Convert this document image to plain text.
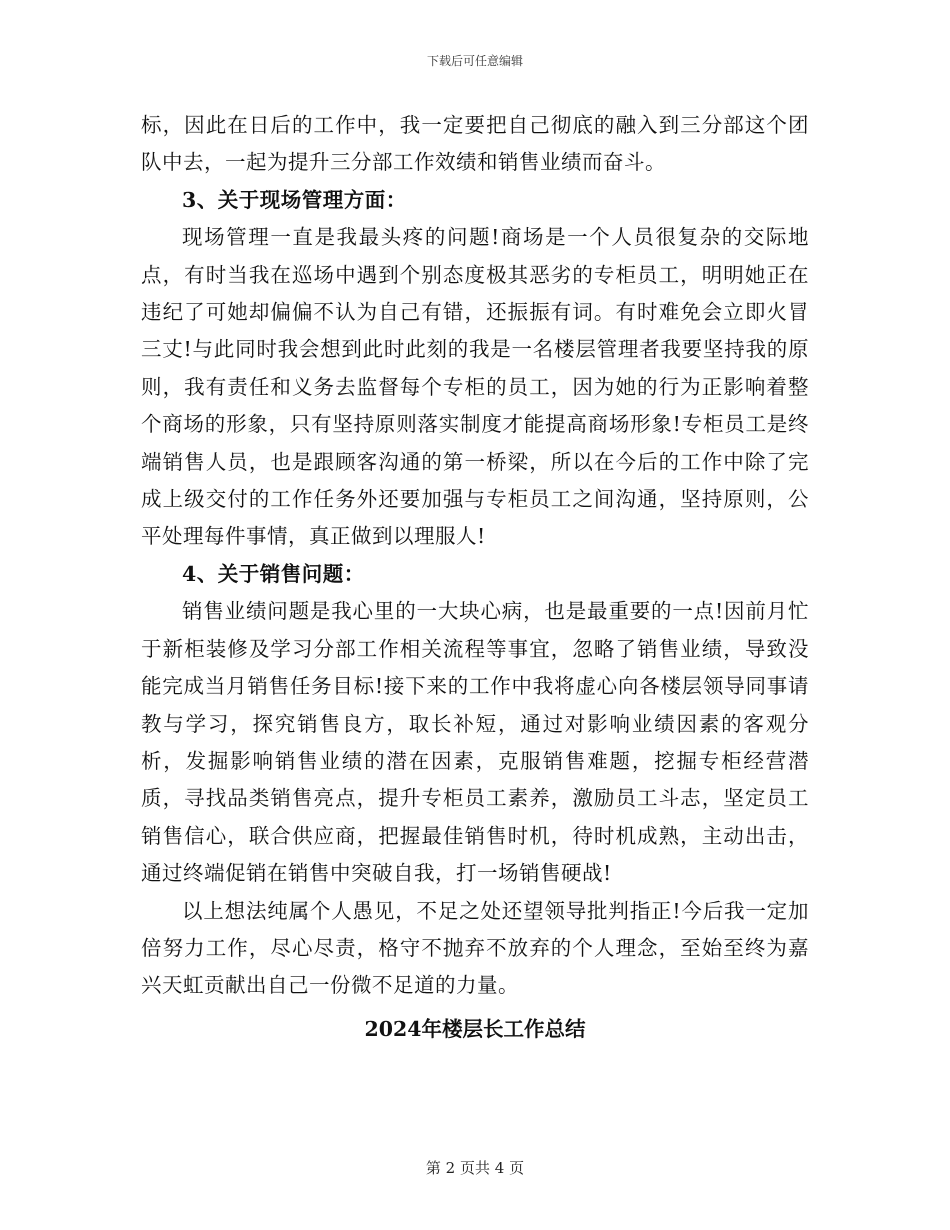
下载后可任意编辑

标，因此在日后的工作中，我一定要把自己彻底的融入到三分部这个团队中去，一起为提升三分部工作效绩和销售业绩而奋斗。

3、关于现场管理方面：

现场管理一直是我最头疼的问题!商场是一个人员很复杂的交际地点，有时当我在巡场中遇到个别态度极其恶劣的专柜员工，明明她正在违纪了可她却偏偏不认为自己有错，还振振有词。有时难免会立即火冒三丈!与此同时我会想到此时此刻的我是一名楼层管理者我要坚持我的原则，我有责任和义务去监督每个专柜的员工，因为她的行为正影响着整个商场的形象，只有坚持原则落实制度才能提高商场形象!专柜员工是终端销售人员，也是跟顾客沟通的第一桥梁，所以在今后的工作中除了完成上级交付的工作任务外还要加强与专柜员工之间沟通，坚持原则，公平处理每件事情，真正做到以理服人!

4、关于销售问题：

销售业绩问题是我心里的一大块心病，也是最重要的一点!因前月忙于新柜装修及学习分部工作相关流程等事宜，忽略了销售业绩，导致没能完成当月销售任务目标!接下来的工作中我将虚心向各楼层领导同事请教与学习，探究销售良方，取长补短，通过对影响业绩因素的客观分析，发掘影响销售业绩的潜在因素，克服销售难题，挖掘专柜经营潜质，寻找品类销售亮点，提升专柜员工素养，激励员工斗志，坚定员工销售信心，联合供应商，把握最佳销售时机，待时机成熟，主动出击，通过终端促销在销售中突破自我，打一场销售硬战!

以上想法纯属个人愚见，不足之处还望领导批判指正!今后我一定加倍努力工作，尽心尽责，格守不抛弃不放弃的个人理念，至始至终为嘉兴天虹贡献出自己一份微不足道的力量。

2024年楼层长工作总结
第 2 页共 4 页
